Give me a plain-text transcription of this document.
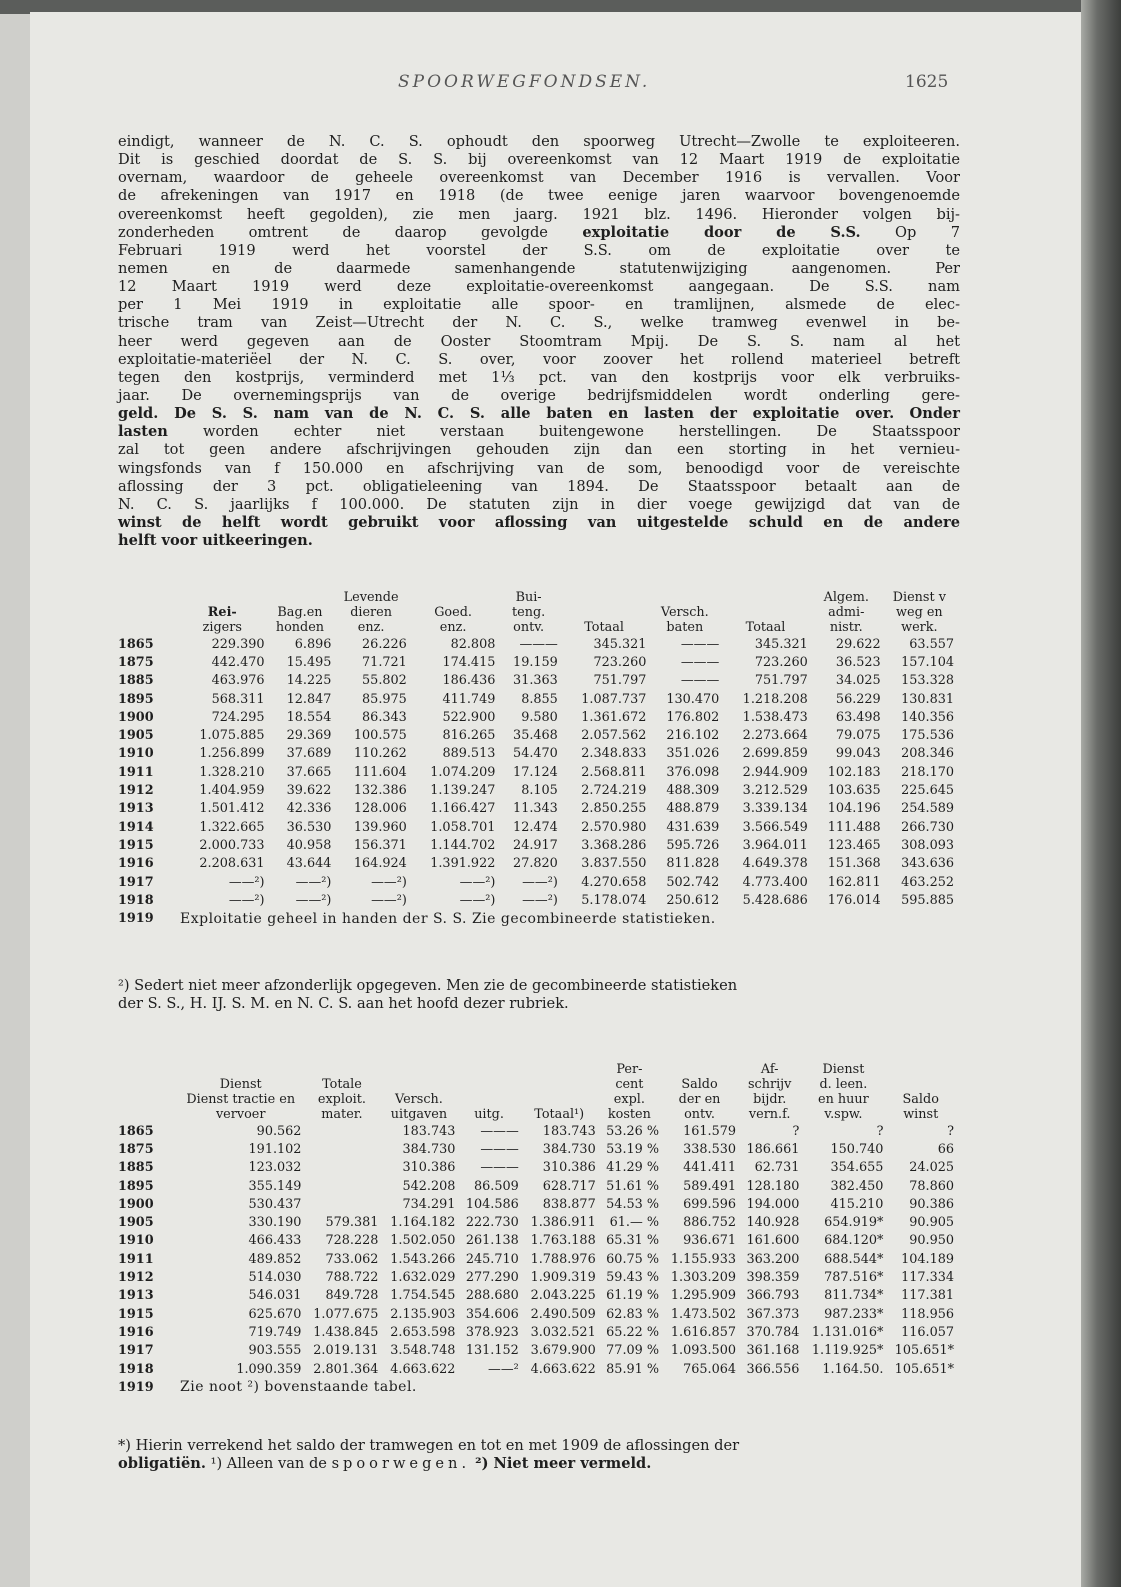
SPOORWEGFONDSEN.	1625
eindigt, wanneer de N. C. S. ophoudt den spoorweg Utrecht—Zwolle te exploiteeren.
Dit is geschied doordat de S. S. bij overeenkomst van 12 Maart 1919 de exploitatie
overnam, waardoor de geheele overeenkomst van December 1916 is vervallen. Voor
de afrekeningen van 1917 en 1918 (de twee eenige jaren waarvoor bovengenoemde
overeenkomst heeft gegolden), zie men jaarg. 1921 blz. 1496. Hieronder volgen bij-
zonderheden omtrent de daarop gevolgde exploitatie door de S.S. Op 7
Februari 1919 werd het voorstel der S.S. om de exploitatie over te
nemen en de daarmede samenhangende statutenwijziging aangenomen. Per
12 Maart 1919 werd deze exploitatie-overeenkomst aangegaan. De S.S. nam
per 1 Mei 1919 in exploitatie alle spoor- en tramlijnen, alsmede de elec-
trische tram van Zeist—Utrecht der N. C. S., welke tramweg evenwel in be-
heer werd gegeven aan de Ooster Stoomtram Mpij. De S. S. nam al het
exploitatie-materiëel der N. C. S. over, voor zoover het rollend materieel betreft
tegen den kostprijs, verminderd met 1⅓ pct. van den kostprijs voor elk verbruiks-
jaar. De overnemingsprijs van de overige bedrijfsmiddelen wordt onderling gere-
geld. De S. S. nam van de N. C. S. alle baten en lasten der exploitatie over. Onder
lasten worden echter niet verstaan buitengewone herstellingen. De Staatsspoor
zal tot geen andere afschrijvingen gehouden zijn dan een storting in het vernieu-
wingsfonds van f 150.000 en afschrijving van de som, benoodigd voor de vereischte
aflossing der 3 pct. obligatieleening van 1894. De Staatsspoor betaalt aan de
N. C. S. jaarlijks f 100.000. De statuten zijn in dier voege gewijzigd dat van de
winst de helft wordt gebruikt voor aflossing van uitgestelde schuld en de andere
helft voor uitkeeringen.
			Levende		Bui-				Algem.	Dienst v
	Rei-	Bag.en	dieren	Goed.	teng.		Versch.		admi-	weg en
	zigers	honden	enz.	enz.	ontv.	Totaal	baten	Totaal	nistr.	werk.
1865	229.390	6.896	26.226	82.808	———	345.321	———	345.321	29.622	63.557
1875	442.470	15.495	71.721	174.415	19.159	723.260	———	723.260	36.523	157.104
1885	463.976	14.225	55.802	186.436	31.363	751.797	———	751.797	34.025	153.328
1895	568.311	12.847	85.975	411.749	8.855	1.087.737	130.470	1.218.208	56.229	130.831
1900	724.295	18.554	86.343	522.900	9.580	1.361.672	176.802	1.538.473	63.498	140.356
1905	1.075.885	29.369	100.575	816.265	35.468	2.057.562	216.102	2.273.664	79.075	175.536
1910	1.256.899	37.689	110.262	889.513	54.470	2.348.833	351.026	2.699.859	99.043	208.346
1911	1.328.210	37.665	111.604	1.074.209	17.124	2.568.811	376.098	2.944.909	102.183	218.170
1912	1.404.959	39.622	132.386	1.139.247	8.105	2.724.219	488.309	3.212.529	103.635	225.645
1913	1.501.412	42.336	128.006	1.166.427	11.343	2.850.255	488.879	3.339.134	104.196	254.589
1914	1.322.665	36.530	139.960	1.058.701	12.474	2.570.980	431.639	3.566.549	111.488	266.730
1915	2.000.733	40.958	156.371	1.144.702	24.917	3.368.286	595.726	3.964.011	123.465	308.093
1916	2.208.631	43.644	164.924	1.391.922	27.820	3.837.550	811.828	4.649.378	151.368	343.636
1917	——²)	——²)	——²)	——²)	——²)	4.270.658	502.742	4.773.400	162.811	463.252
1918	——²)	——²)	——²)	——²)	——²)	5.178.074	250.612	5.428.686	176.014	595.885
1919	Exploitatie geheel in handen der S. S. Zie gecombineerde statistieken.									
²) Sedert niet meer afzonderlijk opgegeven. Men zie de gecombineerde statistieken
der S. S., H. IJ. S. M. en N. C. S. aan het hoofd dezer rubriek.
						Per-		Af-	Dienst	
	Dienst	Totale				cent	Saldo	schrijv	d. leen.	
	Dienst tractie en	exploit.	Versch.			expl.	der en	bijdr.	en huur	Saldo
	vervoer	mater.	uitgaven	uitg.	Totaal¹)	kosten	ontv.	vern.f.	v.spw.	winst
1865	90.562		183.743	———	183.743	53.26 %	161.579	?	?	?
1875	191.102		384.730	———	384.730	53.19 %	338.530	186.661	150.740	66
1885	123.032		310.386	———	310.386	41.29 %	441.411	62.731	354.655	24.025
1895	355.149		542.208	86.509	628.717	51.61 %	589.491	128.180	382.450	78.860
1900	530.437		734.291	104.586	838.877	54.53 %	699.596	194.000	415.210	90.386
1905	330.190	579.381	1.164.182	222.730	1.386.911	61.— %	886.752	140.928	654.919*	90.905
1910	466.433	728.228	1.502.050	261.138	1.763.188	65.31 %	936.671	161.600	684.120*	90.950
1911	489.852	733.062	1.543.266	245.710	1.788.976	60.75 %	1.155.933	363.200	688.544*	104.189
1912	514.030	788.722	1.632.029	277.290	1.909.319	59.43 %	1.303.209	398.359	787.516*	117.334
1913	546.031	849.728	1.754.545	288.680	2.043.225	61.19 %	1.295.909	366.793	811.734*	117.381
1915	625.670	1.077.675	2.135.903	354.606	2.490.509	62.83 %	1.473.502	367.373	987.233*	118.956
1916	719.749	1.438.845	2.653.598	378.923	3.032.521	65.22 %	1.616.857	370.784	1.131.016*	116.057
1917	903.555	2.019.131	3.548.748	131.152	3.679.900	77.09 %	1.093.500	361.168	1.119.925*	105.651*
1918	1.090.359	2.801.364	4.663.622	——²	4.663.622	85.91 %	765.064	366.556	1.164.50.	105.651*
1919	Zie noot ²) bovenstaande tabel.									
*) Hierin verrekend het saldo der tramwegen en tot en met 1909 de aflossingen der
obligatiën. ¹) Alleen van de spoorwegen. ²) Niet meer vermeld.
